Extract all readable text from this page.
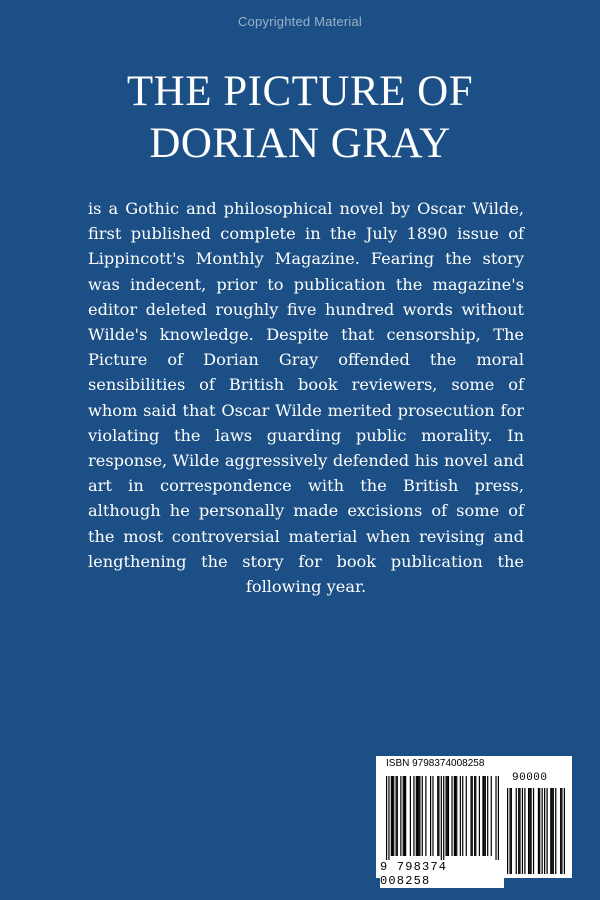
Copyrighted Material
THE PICTURE OF
DORIAN GRAY
is a Gothic and philosophical novel by Oscar Wilde, first published complete in the July 1890 issue of Lippincott's Monthly Magazine. Fearing the story was indecent, prior to publication the magazine's editor deleted roughly five hundred words without Wilde's knowledge. Despite that censorship, The Picture of Dorian Gray offended the moral sensibilities of British book reviewers, some of whom said that Oscar Wilde merited prosecution for violating the laws guarding public morality. In response, Wilde aggressively defended his novel and art in correspondence with the British press, although he personally made excisions of some of the most controversial material when revising and lengthening the story for book publication the following year.
ISBN 9798374008258
90000
9 798374 008258
